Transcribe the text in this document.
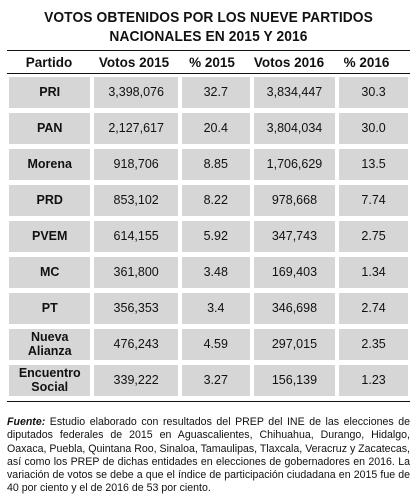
VOTOS OBTENIDOS POR LOS NUEVE PARTIDOS
NACIONALES EN 2015 Y 2016
Partido	Votos 2015	% 2015	Votos 2016	% 2016
PRI	3,398,076	32.7	3,834,447	30.3
PAN	2,127,617	20.4	3,804,034	30.0
Morena	918,706	8.85	1,706,629	13.5
PRD	853,102	8.22	978,668	7.74
PVEM	614,155	5.92	347,743	2.75
MC	361,800	3.48	169,403	1.34
PT	356,353	3.4	346,698	2.74
Nueva
Alianza	476,243	4.59	297,015	2.35
Encuentro
Social	339,222	3.27	156,139	1.23
Fuente: Estudio elaborado con resultados del PREP del INE de las elecciones de diputados federales de 2015 en Aguascalientes, Chihuahua, Durango, Hidalgo, Oaxaca, Puebla, Quintana Roo, Sinaloa, Tamaulipas, Tlaxcala, Veracruz y Zacatecas, así como los PREP de dichas entidades en elecciones de gobernadores en 2016. La variación de votos se debe a que el índice de participación ciudadana en 2015 fue de 40 por ciento y el de 2016 de 53 por ciento.
